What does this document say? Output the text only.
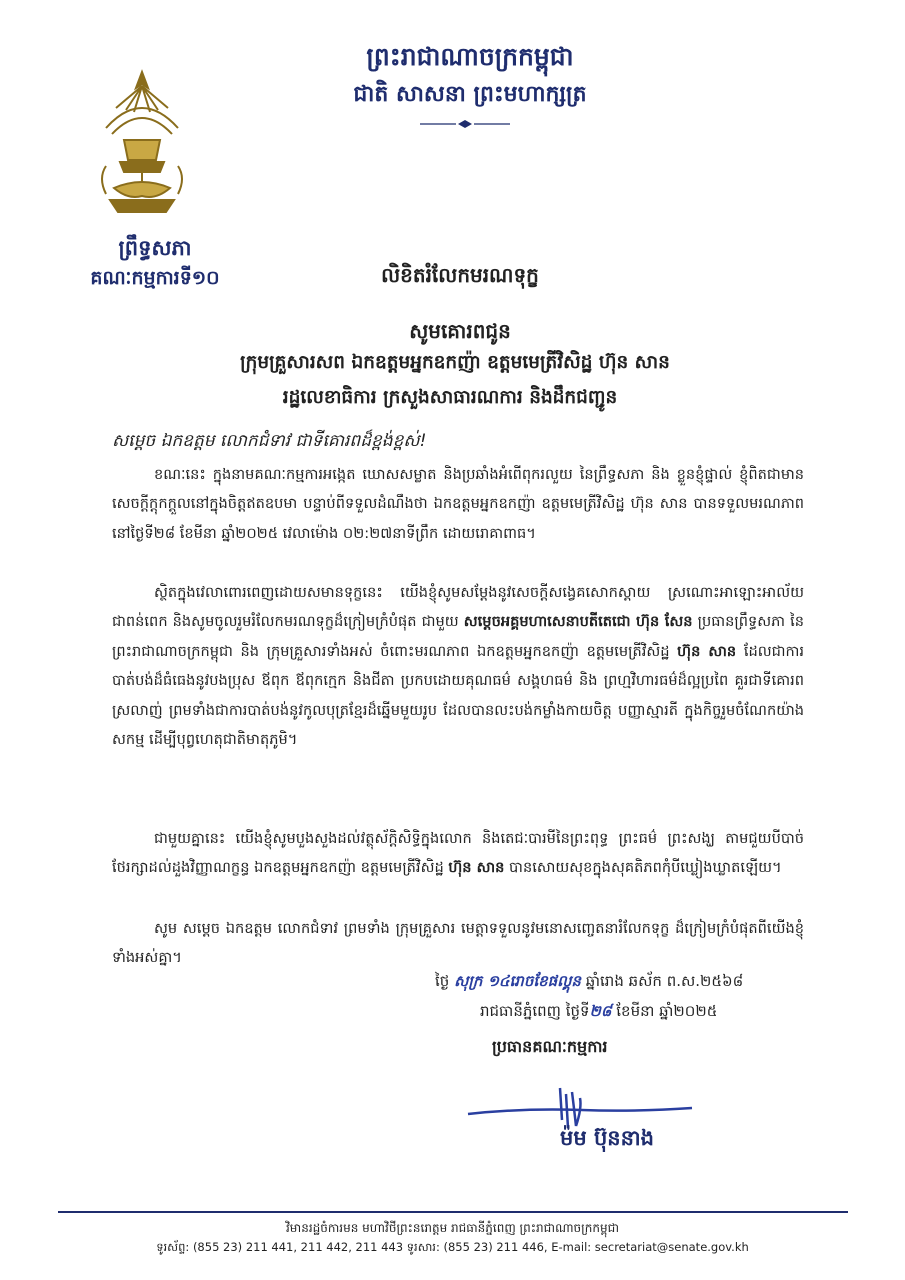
ព្រះរាជាណាចក្រកម្ពុជា
ជាតិ សាសនា ព្រះមហាក្សត្រ
ព្រឹទ្ធសភា
គណៈកម្មការទី១០	លិខិតរំលែកមរណទុក្ខ
សូមគោរពជូន
ក្រុមគ្រួសារសព ឯកឧត្តមអ្នកឧកញ៉ា ឧត្តមមេត្រីវិសិដ្ឋ ហ៊ុន សាន
រដ្ឋលេខាធិការ ក្រសួងសាធារណការ និងដឹកជញ្ជូន
សម្តេច ឯកឧត្តម លោកជំទាវ ជាទីគោរពដ៏ខ្ពង់ខ្ពស់!

ខណៈនេះ ក្នុងនាមគណៈកម្មការអង្កេត ឃោសសម្លាត និងប្រឆាំងអំពើពុករលួយ នៃព្រឹទ្ធសភា និង ខ្លួនខ្ញុំផ្ទាល់ ខ្ញុំពិតជាមានសេចក្តីក្តុកក្តួលនៅក្នុងចិត្តឥតឧបមា បន្ទាប់ពីទទួលដំណឹងថា ឯកឧត្តមអ្នកឧកញ៉ា ឧត្តមមេត្រីវិសិដ្ឋ ហ៊ុន សាន បានទទួលមរណភាពនៅថ្ងៃទី២៨ ខែមីនា ឆ្នាំ២០២៥ វេលាម៉ោង ០២:២៧នាទីព្រឹក ដោយរោគាពាធ។

ស្ថិតក្នុងវេលាពោរពេញដោយសមានទុក្ខនេះ យើងខ្ញុំសូមសម្តែងនូវសេចក្តីសង្វេគសោកស្តាយ ស្រណោះអាឡោះអាល័យជាពន់ពេក និងសូមចូលរួមរំលែកមរណទុក្ខដ៏ក្រៀមក្រំបំផុត ជាមួយ សម្តេចអគ្គមហាសេនាបតីតេជោ ហ៊ុន សែន ប្រធានព្រឹទ្ធសភា នៃព្រះរាជាណាចក្រកម្ពុជា និង ក្រុមគ្រួសារទាំងអស់ ចំពោះមរណភាព ឯកឧត្តមអ្នកឧកញ៉ា ឧត្តមមេត្រីវិសិដ្ឋ ហ៊ុន សាន ដែលជាការបាត់បង់ដ៏ធំធេងនូវបងប្រុស ឪពុក ឪពុកក្មេក និងជីតា ប្រកបដោយគុណធម៌ សង្គហធម៌ និង ព្រហ្មវិហារធម៌ដ៏ល្អប្រពៃ គួរជាទីគោរពស្រលាញ់ ព្រមទាំងជាការបាត់បង់នូវកូលបុត្រខ្មែរដ៏ឆ្នើមមួយរូប ដែលបានលះបង់កម្លាំងកាយចិត្ត បញ្ញាស្មារតី ក្នុងកិច្ចរួមចំណែកយ៉ាងសកម្ម ដើម្បីបុព្វហេតុជាតិមាតុភូមិ។

ជាមួយគ្នានេះ យើងខ្ញុំសូមបួងសួងដល់វត្ថុស័ក្តិសិទ្ធិក្នុងលោក និងតេជៈបារមីនៃព្រះពុទ្ធ ព្រះធម៌ ព្រះសង្ឃ តាមជួយបីបាច់ថែរក្សាដល់ដួងវិញ្ញាណក្ខន្ធ ឯកឧត្តមអ្នកឧកញ៉ា ឧត្តមមេត្រីវិសិដ្ឋ ហ៊ុន សាន បានសោយសុខក្នុងសុគតិភពកុំបីឃ្លៀងឃ្លាតឡើយ។

សូម សម្តេច ឯកឧត្តម លោកជំទាវ ព្រមទាំង ក្រុមគ្រួសារ មេត្តាទទួលនូវមនោសញ្ចេតនារំលែកទុក្ខ ដ៏ក្រៀមក្រំបំផុតពីយើងខ្ញុំទាំងអស់គ្នា។

ថ្ងៃ សុក្រ ១៤រោចខែផល្គុន ឆ្នាំរោង ឆស័ក ព.ស.២៥៦៨
រាជធានីភ្នំពេញ ថ្ងៃទី២៨ ខែមីនា ឆ្នាំ២០២៥
ប្រធានគណៈកម្មការ
ម៉ម ប៊ុននាង
វិមានរដ្ឋចំការមន មហាវិថីព្រះនរោត្តម រាជធានីភ្នំពេញ ព្រះរាជាណាចក្រកម្ពុជា
ទូរស័ព្ទ: (855 23) 211 441, 211 442, 211 443 ទូរសារ: (855 23) 211 446, E-mail: secretariat@senate.gov.kh
